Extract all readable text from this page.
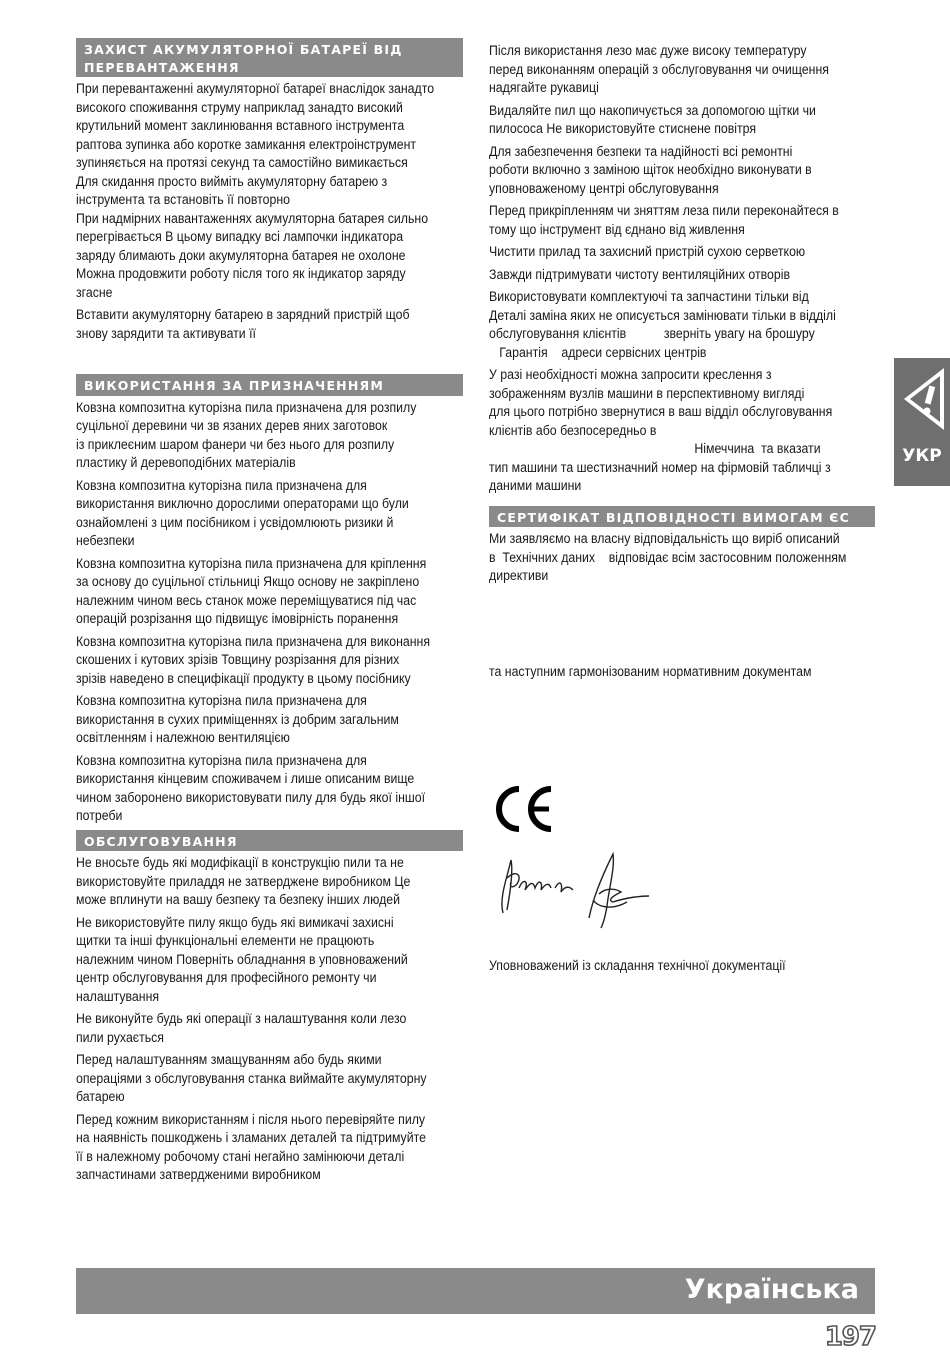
ЗАХИСТ АКУМУЛЯТОРНОЇ БАТАРЕЇ ВІД
ПЕРЕВАНТАЖЕННЯ
При перевантаженні акумуляторної батареї внаслідок занадто
високого споживання струму наприклад занадто високий
крутильний момент заклинювання вставного інструмента
раптова зупинка або коротке замикання електроінструмент
зупиняється на протязі секунд та самостійно вимикається
Для скидання просто вийміть акумуляторну батарею з
інструмента та встановіть її повторно
При надмірних навантаженнях акумуляторна батарея сильно
перегрівається В цьому випадку всі лампочки індикатора
заряду блимають доки акумуляторна батарея не охолоне
Можна продовжити роботу після того як індикатор заряду
згасне
Вставити акумуляторну батарею в зарядний пристрій щоб
знову зарядити та активувати її
ВИКОРИСТАННЯ ЗА ПРИЗНАЧЕННЯМ
Ковзна композитна куторізна пила призначена для розпилу
суцільної деревини чи зв язаних дерев яних заготовок
із приклеєним шаром фанери чи без нього для розпилу
пластику й деревоподібних матеріалів
Ковзна композитна куторізна пила призначена для
використання виключно дорослими операторами що були
ознайомлені з цим посібником і усвідомлюють ризики й
небезпеки
Ковзна композитна куторізна пила призначена для кріплення
за основу до суцільної стільниці Якщо основу не закріплено
належним чином весь станок може переміщуватися під час
операцій розрізання що підвищує імовірність поранення
Ковзна композитна куторізна пила призначена для виконання
скошених і кутових зрізів Товщину розрізання для різних
зрізів наведено в специфікації продукту в цьому посібнику
Ковзна композитна куторізна пила призначена для
використання в сухих приміщеннях із добрим загальним
освітленням і належною вентиляцією
Ковзна композитна куторізна пила призначена для
використання кінцевим споживачем і лише описаним вище
чином заборонено використовувати пилу для будь якої іншої
потреби
ОБСЛУГОВУВАННЯ
Не вносьте будь які модифікації в конструкцію пили та не
використовуйте приладдя не затверджене виробником Це
може вплинути на вашу безпеку та безпеку інших людей
Не використовуйте пилу якщо будь які вимикачі захисні
щитки та інші функціональні елементи не працюють
належним чином Поверніть обладнання в уповноважений
центр обслуговування для професійного ремонту чи
налаштування
Не виконуйте будь які операції з налаштування коли лезо
пили рухається
Перед налаштуванням змащуванням або будь якими
операціями з обслуговування станка виймайте акумуляторну
батарею
Перед кожним використанням і після нього перевіряйте пилу
на наявність пошкоджень і зламаних деталей та підтримуйте
її в належному робочому стані негайно замінюючи деталі
запчастинами затвердженими виробником
Після використання лезо має дуже високу температуру
перед виконанням операцій з обслуговування чи очищення
надягайте рукавиці
Видаляйте пил що накопичується за допомогою щітки чи
пилососа Не використовуйте стиснене повітря
Для забезпечення безпеки та надійності всі ремонтні
роботи включно з заміною щіток необхідно виконувати в
уповноваженому центрі обслуговування
Перед прикріпленням чи зняттям леза пили переконайтеся в
тому що інструмент від єднано від живлення
Чистити прилад та захисний пристрій сухою серветкою
Завжди підтримувати чистоту вентиляційних отворів
Використовувати комплектуючі та запчастини тільки від
Деталі заміна яких не описується замінювати тільки в відділі
обслуговування клієнтів           зверніть увагу на брошуру
Гарантія    адреси сервісних центрів
У разі необхідності можна запросити креслення з
зображенням вузлів машини в перспективному вигляді
для цього потрібно звернутися в ваш відділ обслуговування
клієнтів або безпосередньо в
Німеччина  та вказати
тип машини та шестизначний номер на фірмовій табличці з
даними машини
СЕРТИФІКАТ ВІДПОВІДНОСТІ ВИМОГАМ ЄС
Ми заявляємо на власну відповідальність що виріб описаний
в  Технічних даних    відповідає всім застосовним положенням
директиви
та наступним гармонізованим нормативним документам
Уповноважений із складання технічної документації
УКР
Українська
197
